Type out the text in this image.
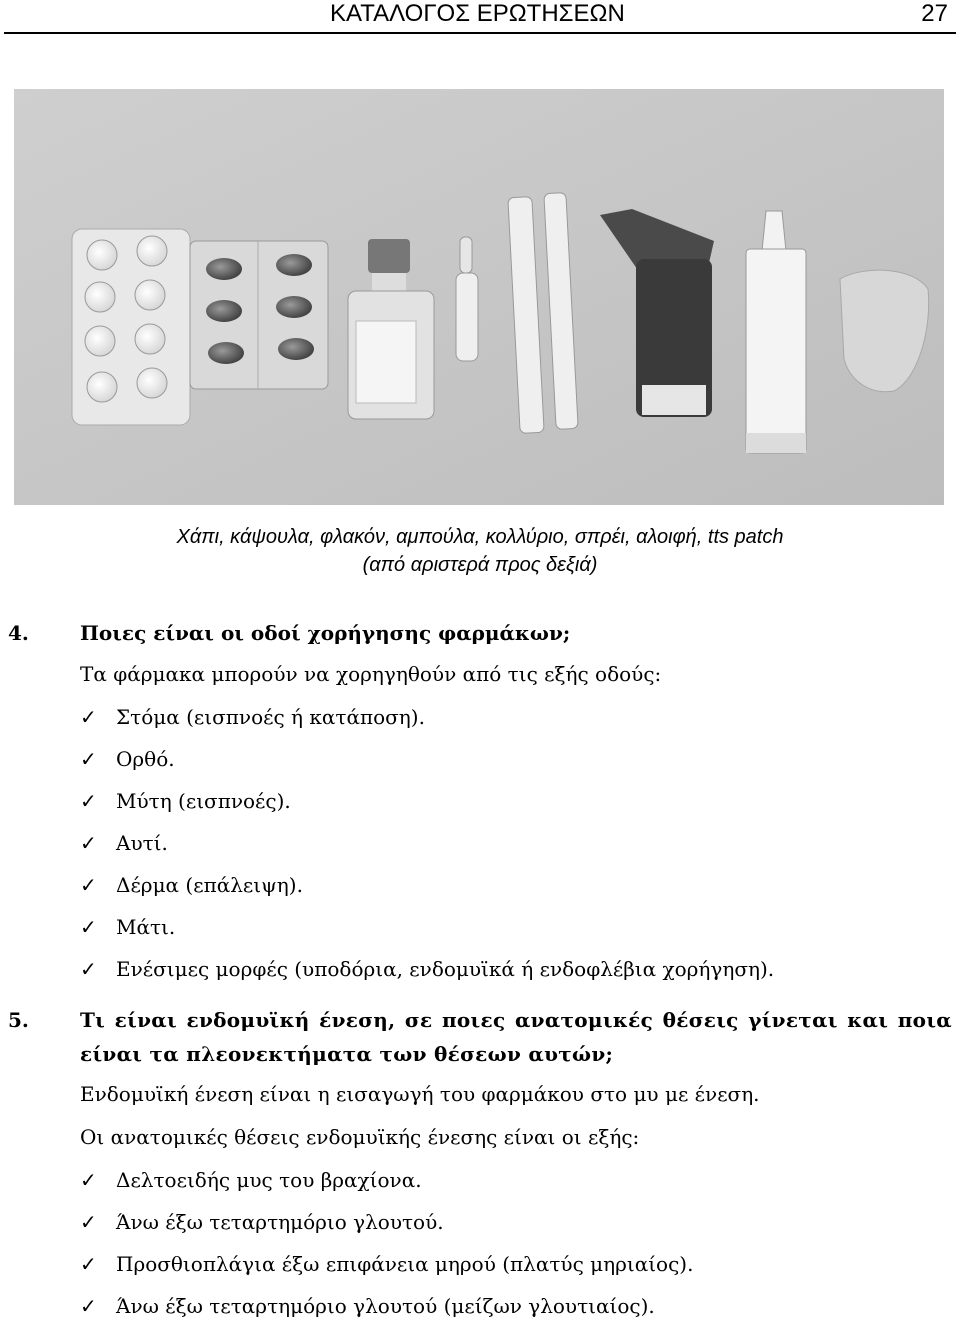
ΚΑΤΑΛΟΓΟΣ ΕΡΩΤΗΣΕΩΝ	27
Χάπι, κάψουλα, φλακόν, αμπούλα, κολλύριο, σπρέι, αλοιφή, tts patch
(από αριστερά προς δεξιά)
4.	Ποιες είναι οι οδοί χορήγησης φαρμάκων;
Τα φάρμακα μπορούν να χορηγηθούν από τις εξής οδούς:
✓ Στόμα (εισπνοές ή κατάποση).
✓ Ορθό.
✓ Μύτη (εισπνοές).
✓ Αυτί.
✓ Δέρμα (επάλειψη).
✓ Μάτι.
✓ Ενέσιμες μορφές (υποδόρια, ενδομυϊκά ή ενδοφλέβια χορήγηση).
5.	Τι είναι ενδομυϊκή ένεση, σε ποιες ανατομικές θέσεις γίνεται και ποια είναι τα πλεονεκτήματα των θέσεων αυτών;
Ενδομυϊκή ένεση είναι η εισαγωγή του φαρμάκου στο μυ με ένεση.
Οι ανατομικές θέσεις ενδομυϊκής ένεσης είναι οι εξής:
✓ Δελτοειδής μυς του βραχίονα.
✓ Άνω έξω τεταρτημόριο γλουτού.
✓ Προσθιοπλάγια έξω επιφάνεια μηρού (πλατύς μηριαίος).
✓ Άνω έξω τεταρτημόριο γλουτού (μείζων γλουτιαίος).
